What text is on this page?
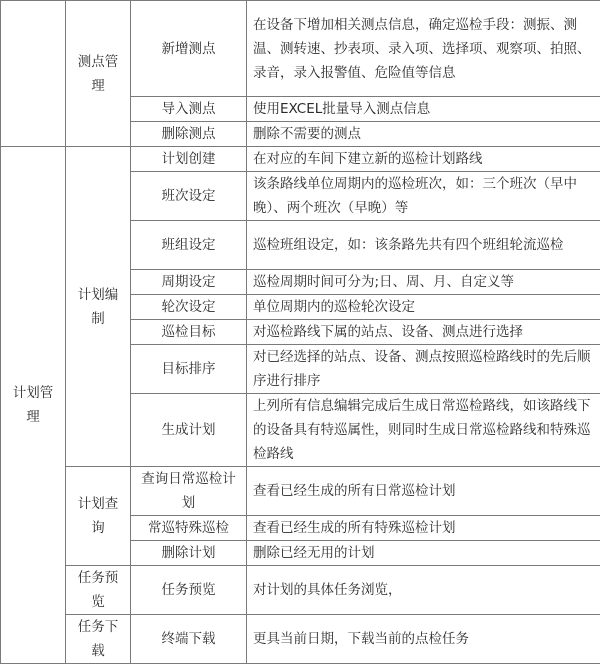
	测点管理	新增测点	在设备下增加相关测点信息，确定巡检手段：测振、测温、测转速、抄表项、录入项、选择项、观察项、拍照、录音，录入报警值、危险值等信息
		导入测点	使用EXCEL批量导入测点信息
		删除测点	删除不需要的测点
计划管理	计划编制	计划创建	在对应的车间下建立新的巡检计划路线
		班次设定	该条路线单位周期内的巡检班次，如：三个班次（早中晚）、两个班次（早晚）等
		班组设定	巡检班组设定，如：该条路先共有四个班组轮流巡检
		周期设定	巡检周期时间可分为;日、周、月、自定义等
		轮次设定	单位周期内的巡检轮次设定
		巡检目标	对巡检路线下属的站点、设备、测点进行选择
		目标排序	对已经选择的站点、设备、测点按照巡检路线时的先后顺序进行排序
		生成计划	上列所有信息编辑完成后生成日常巡检路线，如该路线下的设备具有特巡属性，则同时生成日常巡检路线和特殊巡检路线
	计划查询	查询日常巡检计划	查看已经生成的所有日常巡检计划
		常巡特殊巡检	查看已经生成的所有特殊巡检计划
		删除计划	删除已经无用的计划
	任务预览	任务预览	对计划的具体任务浏览，
	任务下载	终端下载	更具当前日期，下载当前的点检任务
